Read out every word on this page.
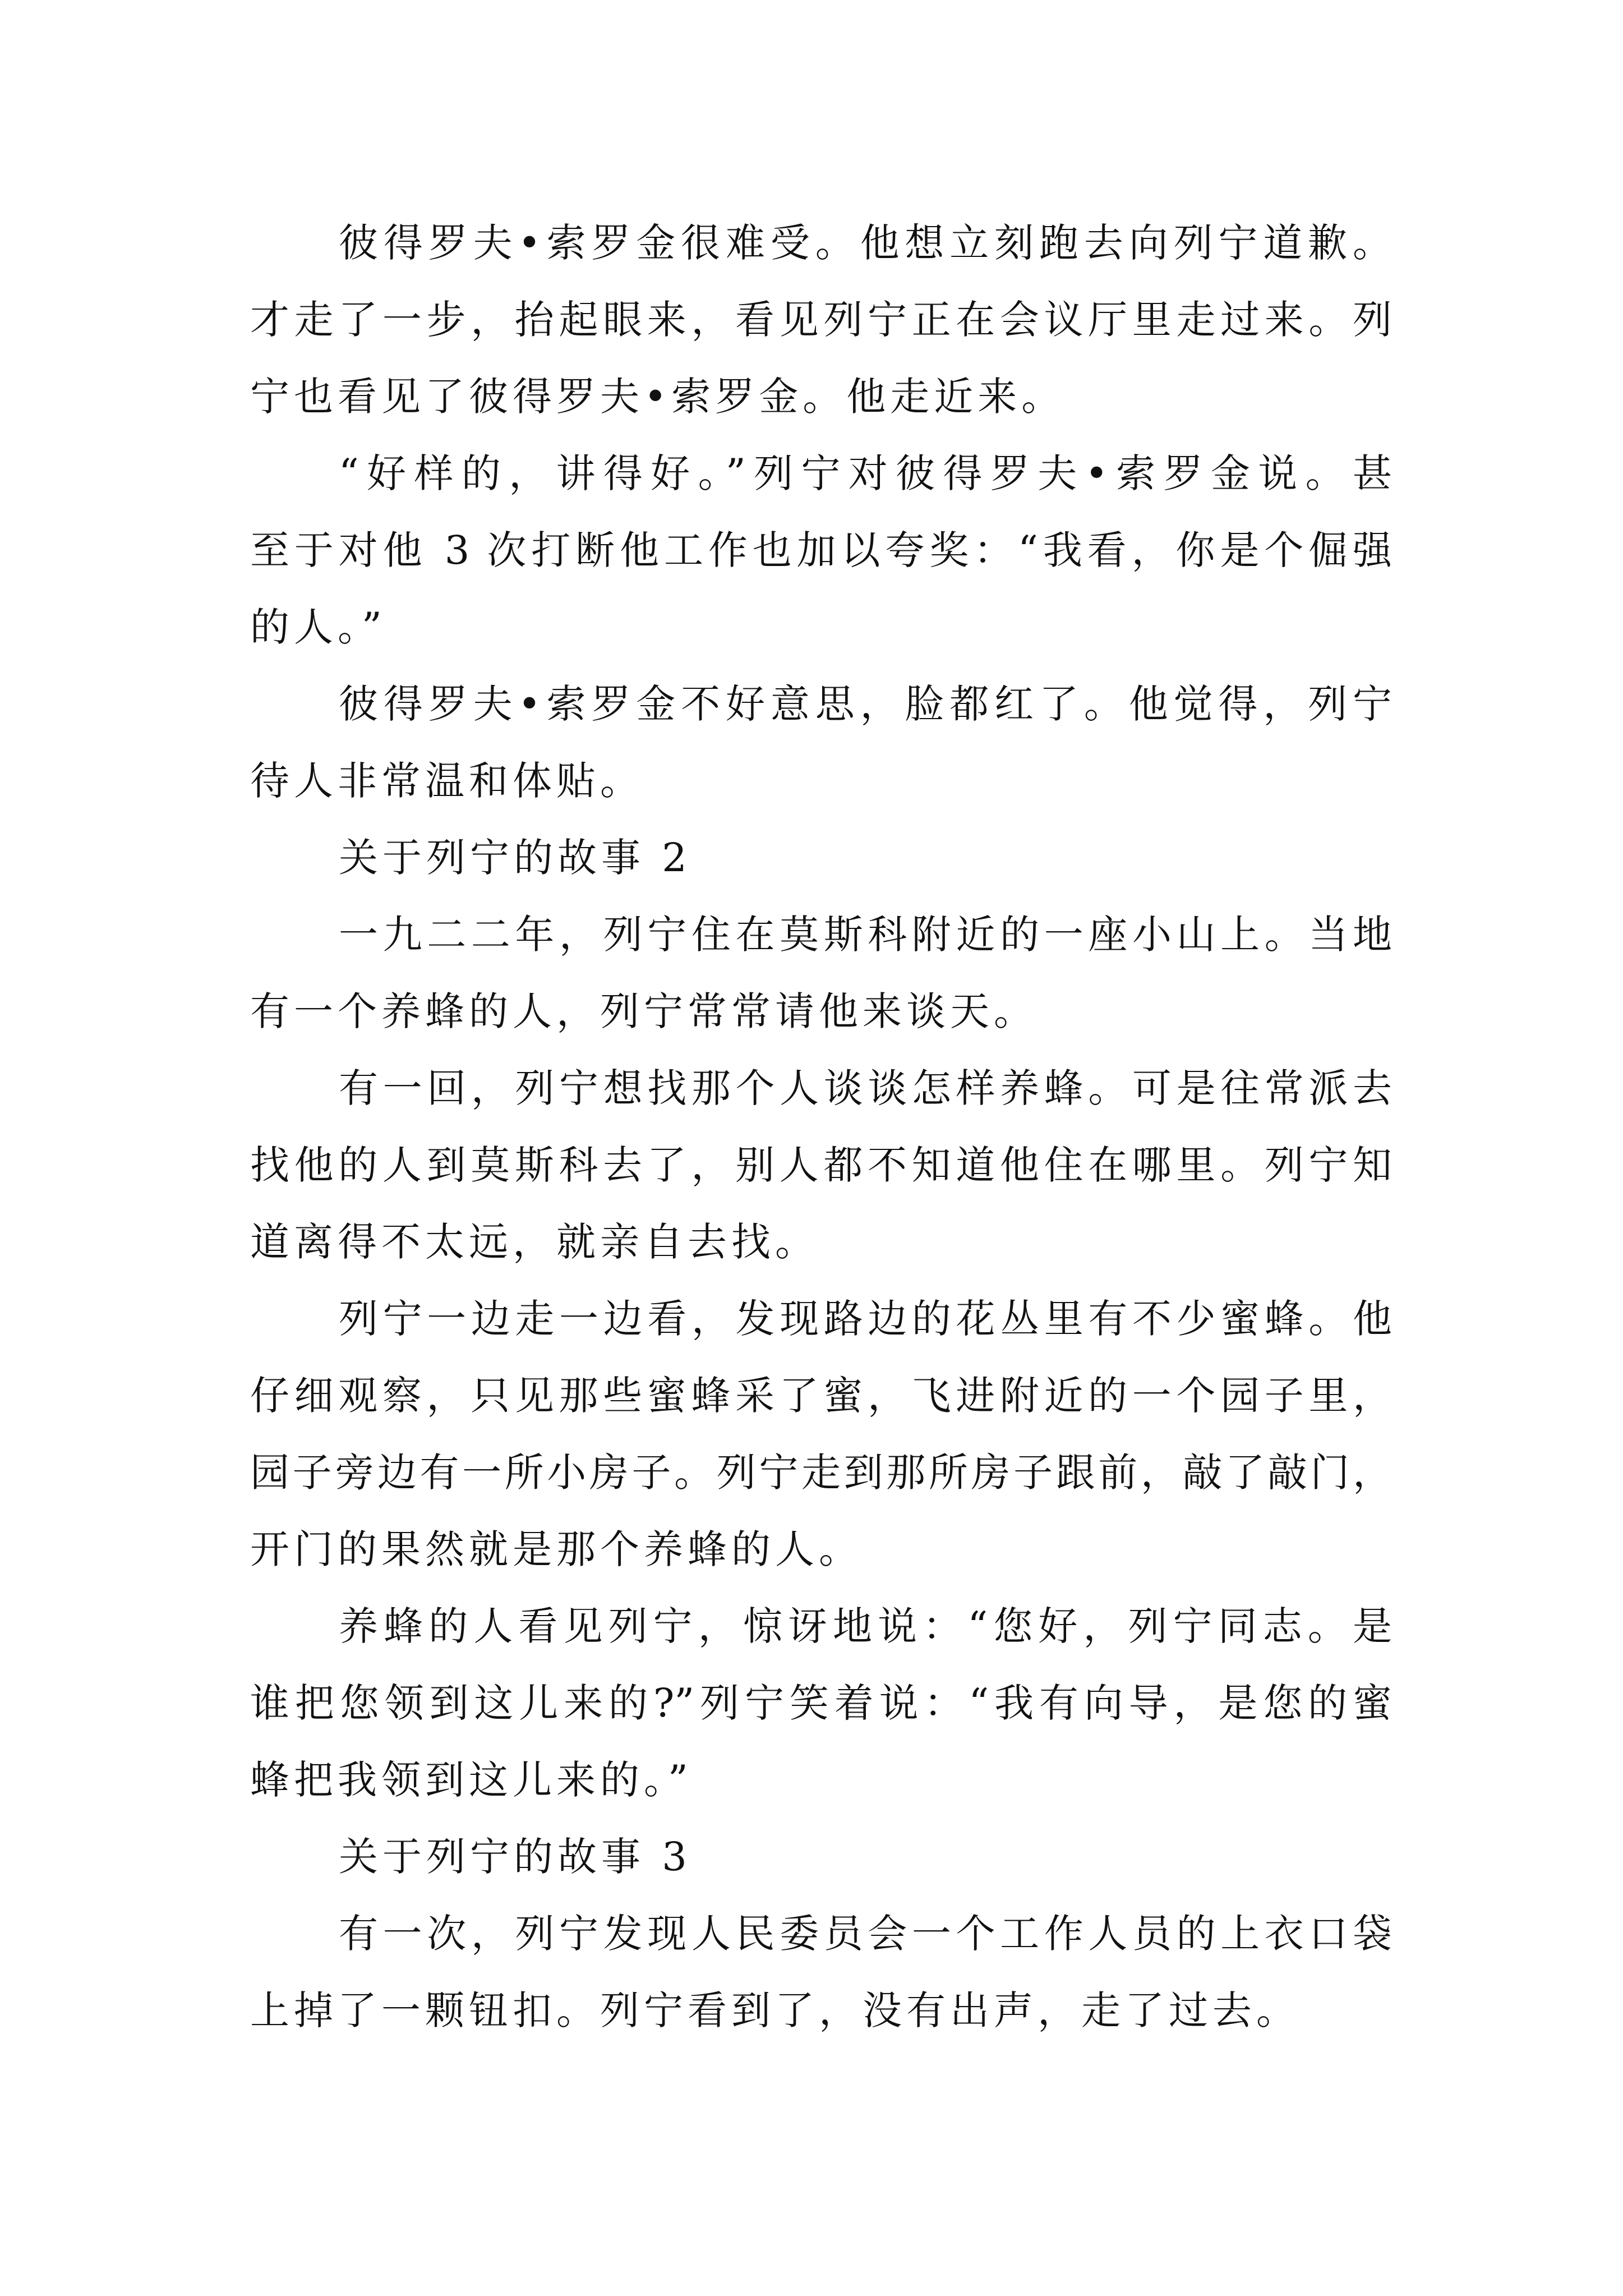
彼得罗夫•索罗金很难受。他想立刻跑去向列宁道歉。
才走了一步，抬起眼来，看见列宁正在会议厅里走过来。列
宁也看见了彼得罗夫•索罗金。他走近来。
“好样的，讲得好。”列宁对彼得罗夫•索罗金说。甚
至于对他 3 次打断他工作也加以夸奖：“我看，你是个倔强
的人。”
彼得罗夫•索罗金不好意思，脸都红了。他觉得，列宁
待人非常温和体贴。
关于列宁的故事 2
一九二二年，列宁住在莫斯科附近的一座小山上。当地
有一个养蜂的人，列宁常常请他来谈天。
有一回，列宁想找那个人谈谈怎样养蜂。可是往常派去
找他的人到莫斯科去了，别人都不知道他住在哪里。列宁知
道离得不太远，就亲自去找。
列宁一边走一边看，发现路边的花丛里有不少蜜蜂。他
仔细观察，只见那些蜜蜂采了蜜，飞进附近的一个园子里，
园子旁边有一所小房子。列宁走到那所房子跟前，敲了敲门，
开门的果然就是那个养蜂的人。
养蜂的人看见列宁，惊讶地说：“您好，列宁同志。是
谁把您领到这儿来的?”列宁笑着说：“我有向导，是您的蜜
蜂把我领到这儿来的。”
关于列宁的故事 3
有一次，列宁发现人民委员会一个工作人员的上衣口袋
上掉了一颗钮扣。列宁看到了，没有出声，走了过去。
